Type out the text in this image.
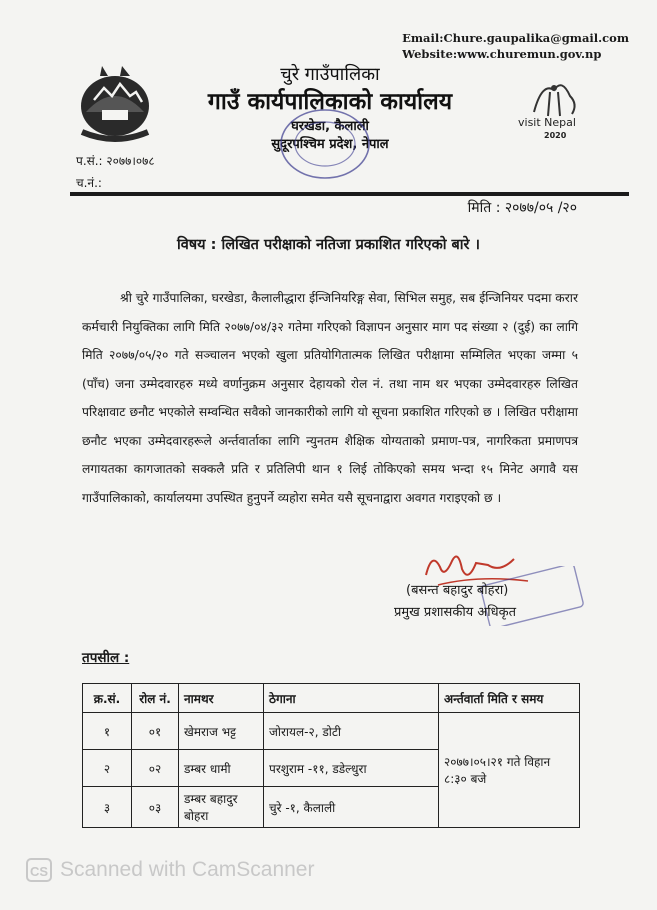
Email:Chure.gaupalika@gmail.com
Website:www.churemun.gov.np
चुरे गाउँपालिका
गाउँ कार्यपालिकाको कार्यालय
घरखेडा, कैलाली
सुदूरपश्चिम प्रदेश, नेपाल
visit Nepal
2020
प.सं.: २०७७।०७८
च.नं.:
मिति : २०७७/०५ /२०
विषय : लिखित परीक्षाको नतिजा प्रकाशित गरिएको बारे ।
श्री चुरे गाउँपालिका, घरखेडा, कैलालीद्धारा ईन्जिनियरिङ्ग सेवा, सिभिल समुह, सब ईन्जिनियर पदमा करार कर्मचारी नियुक्तिका लागि मिति २०७७/०४/३२ गतेमा गरिएको विज्ञापन अनुसार माग पद संख्या २ (दुई) का लागि मिति २०७७/०५/२० गते सञ्चालन भएको खुला प्रतियोगितात्मक लिखित परीक्षामा सम्मिलित भएका जम्मा ५ (पाँच) जना उम्मेदवारहरु मध्ये वर्णानुक्रम अनुसार देहायको रोल नं. तथा नाम थर भएका उम्मेदवारहरु लिखित परिक्षावाट छनौट भएकोले सम्वन्धित सवैको जानकारीको लागि यो सूचना प्रकाशित गरिएको छ । लिखित परीक्षामा छनौट भएका उम्मेदवारहरूले अर्न्तवार्ताका लागि न्युनतम शैक्षिक योग्यताको प्रमाण-पत्र, नागरिकता प्रमाणपत्र लगायतका कागजातको सक्कलै प्रति र प्रतिलिपी थान १ लिई तोकिएको समय भन्दा १५ मिनेट अगावै यस गाउँपालिकाको, कार्यालयमा उपस्थित हुनुपर्ने व्यहोरा समेत यसै सूचनाद्वारा अवगत गराइएको छ ।
(बसन्त बहादुर बोहरा)
प्रमुख प्रशासकीय अधिकृत
तपसील :
क्र.सं.	रोल नं.	नामथर	ठेगाना	अर्न्तवार्ता मिति र समय
१	०१	खेमराज भट्ट	जोरायल-२, डोटी	२०७७।०५।२१ गते विहान ८:३० बजे
२	०२	डम्बर धामी	परशुराम -११, डडेल्धुरा	
३	०३	डम्बर बहादुर बोहरा	चुरे -१, कैलाली	
CS Scanned with CamScanner
